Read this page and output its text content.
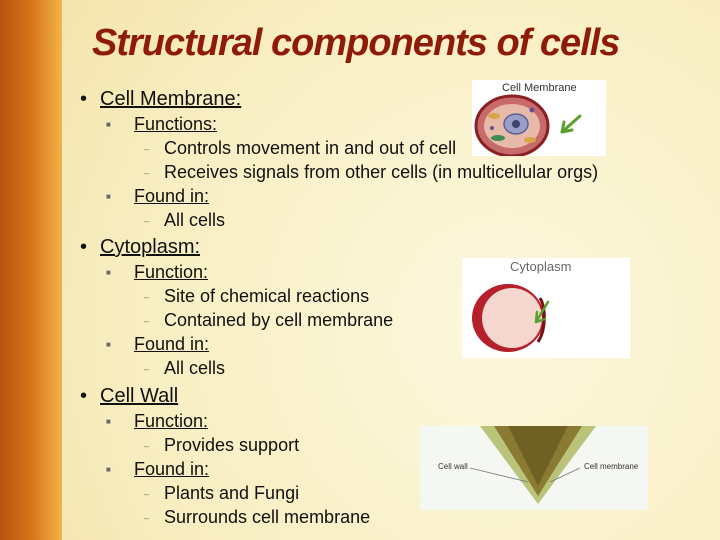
Structural components of cells
• Cell Membrane:
■ Functions:
– Controls movement in and out of cell
– Receives signals from other cells (in multicellular orgs)
■ Found in:
– All cells
• Cytoplasm:
■ Function:
– Site of chemical reactions
– Contained by cell membrane
■ Found in:
– All cells
• Cell Wall
■ Function:
– Provides support
■ Found in:
– Plants and Fungi
– Surrounds cell membrane
Cell Membrane
Cytoplasm
Cell wall	Cell membrane
